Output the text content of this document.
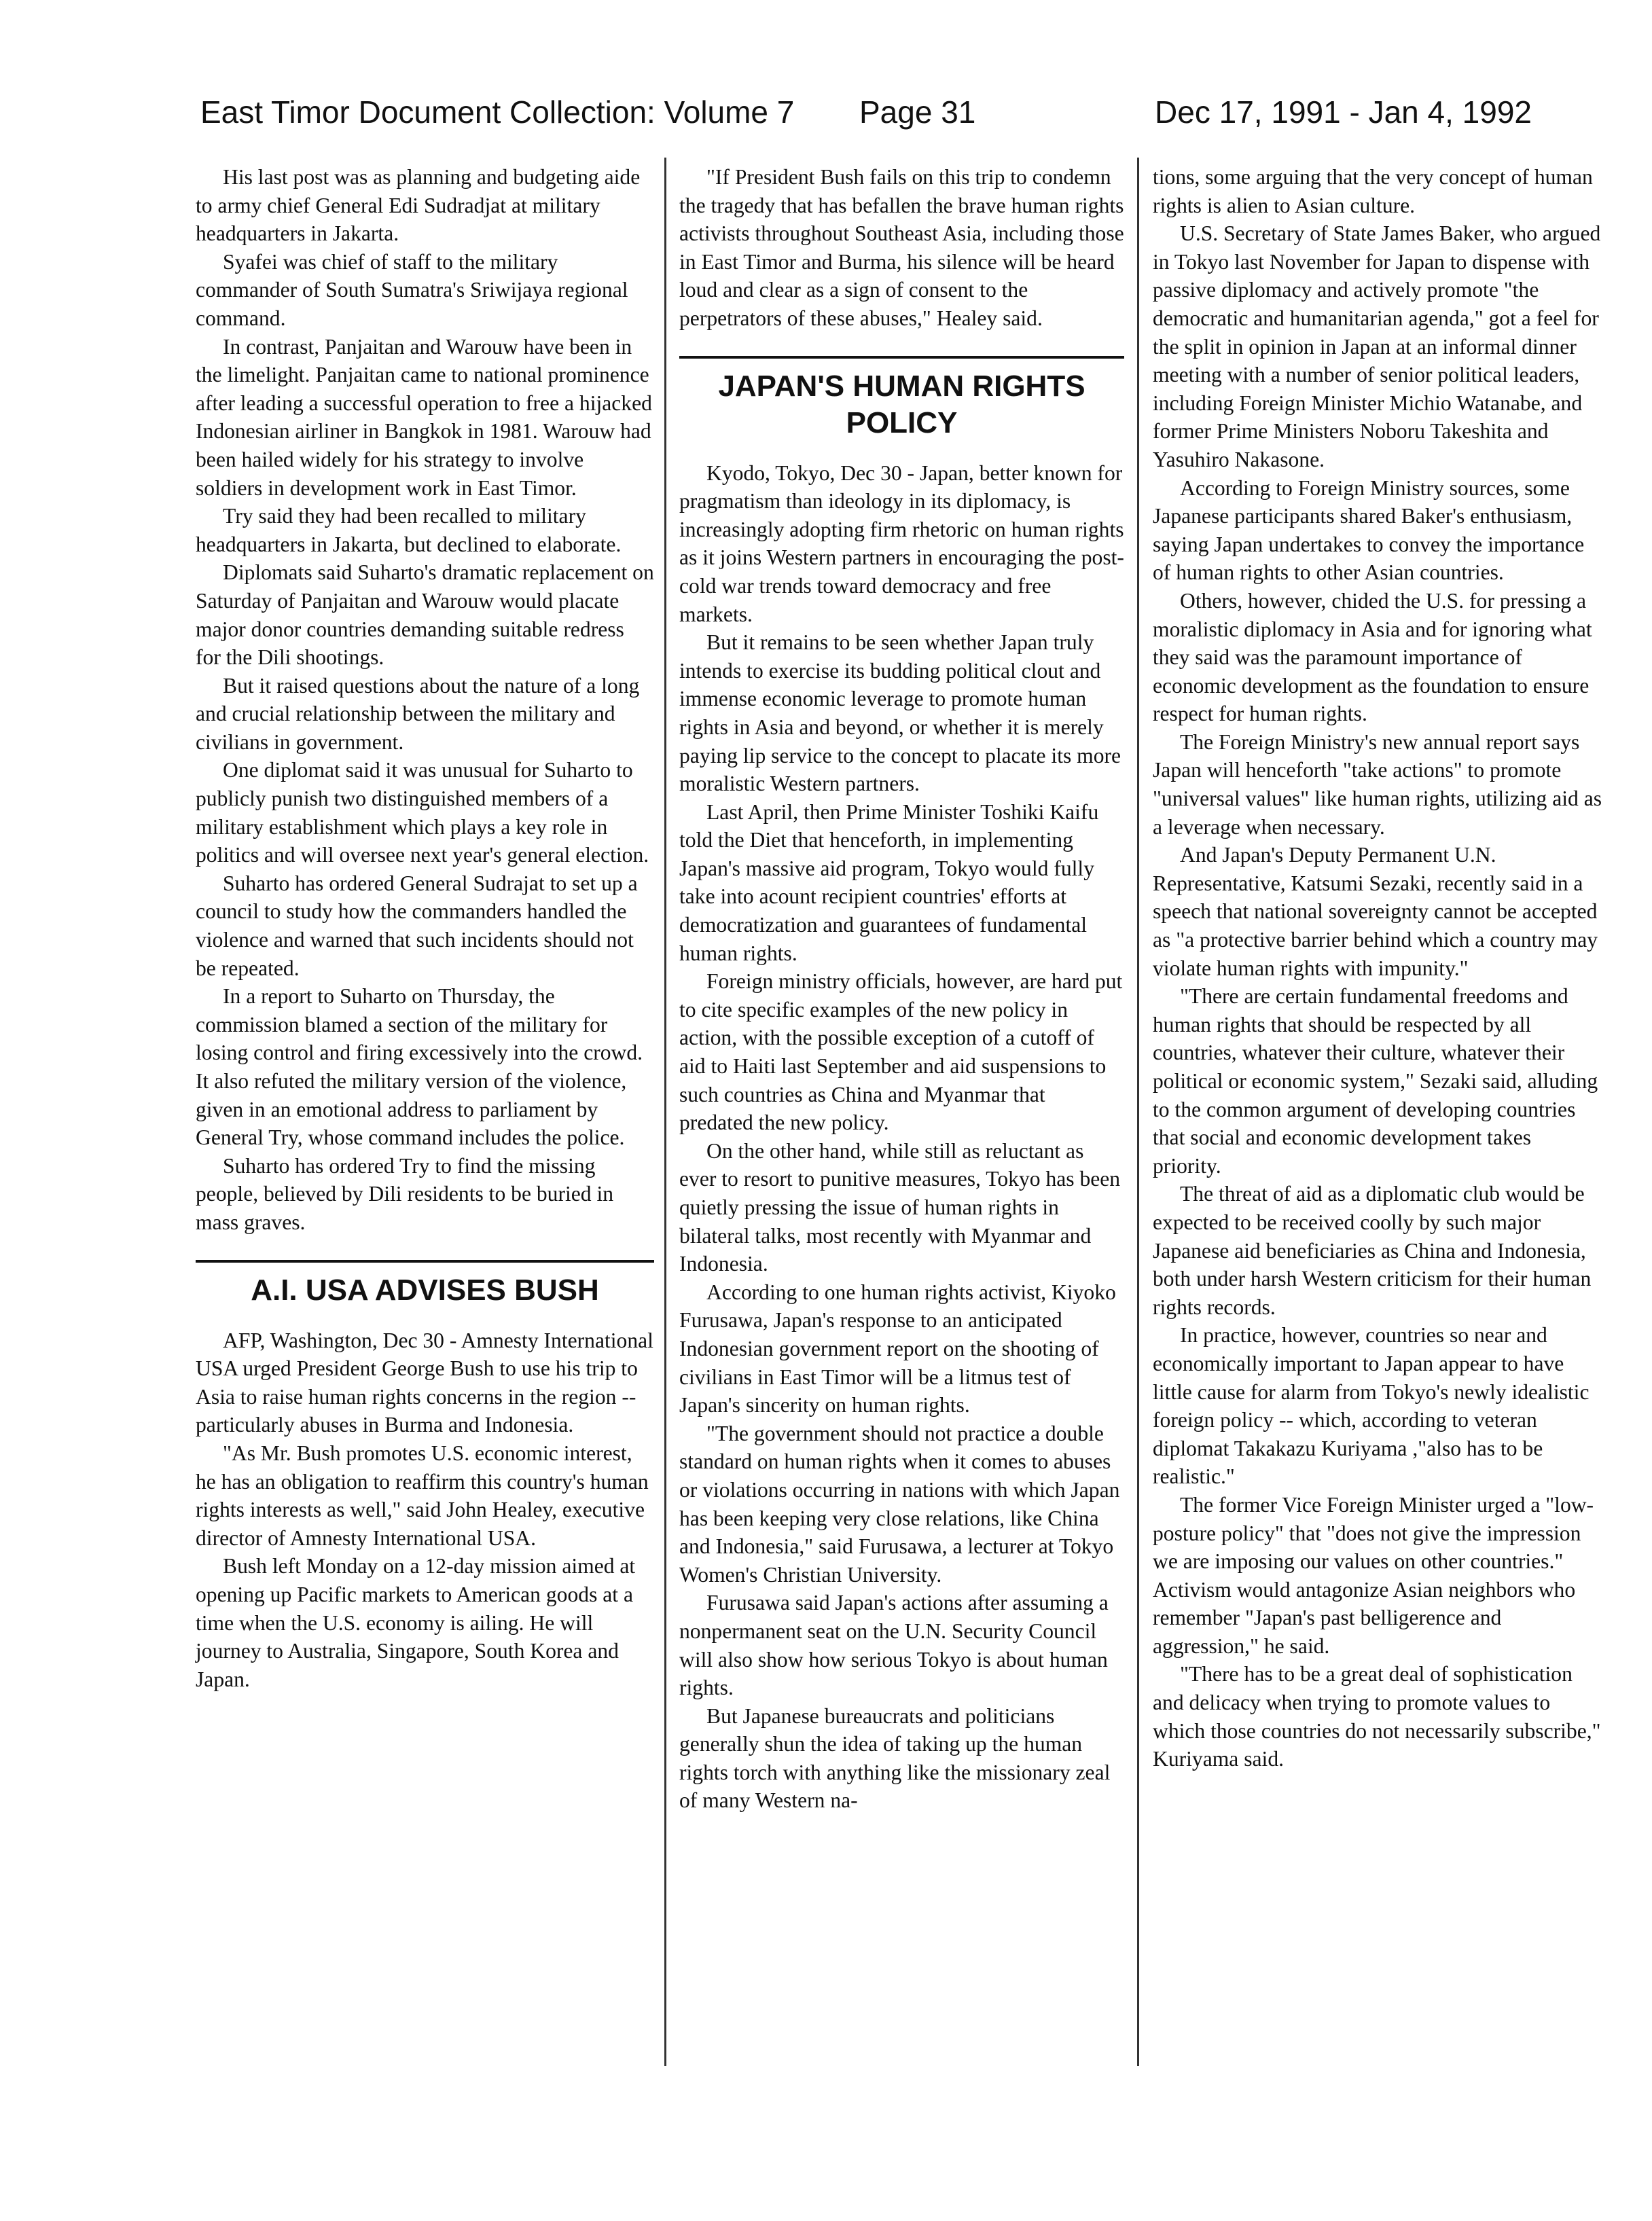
East Timor Document Collection: Volume 7 Page 31	Dec 17, 1991 - Jan 4, 1992

His last post was as planning and budgeting aide to army chief General Edi Sudradjat at military headquarters in Jakarta.

Syafei was chief of staff to the military commander of South Sumatra's Sriwijaya regional command.

In contrast, Panjaitan and Warouw have been in the limelight. Panjaitan came to national prominence after leading a successful operation to free a hijacked Indonesian airliner in Bangkok in 1981. Warouw had been hailed widely for his strategy to involve soldiers in development work in East Timor.

Try said they had been recalled to military headquarters in Jakarta, but declined to elaborate.

Diplomats said Suharto's dramatic replacement on Saturday of Panjaitan and Warouw would placate major donor countries demanding suitable redress for the Dili shootings.

But it raised questions about the nature of a long and crucial relationship between the military and civilians in government.

One diplomat said it was unusual for Suharto to publicly punish two distinguished members of a military establishment which plays a key role in politics and will oversee next year's general election.

Suharto has ordered General Sudrajat to set up a council to study how the commanders handled the violence and warned that such incidents should not be repeated.

In a report to Suharto on Thursday, the commission blamed a section of the military for losing control and firing excessively into the crowd. It also refuted the military version of the violence, given in an emotional address to parliament by General Try, whose command includes the police.

Suharto has ordered Try to find the missing people, believed by Dili residents to be buried in mass graves.

A.I. USA ADVISES BUSH

AFP, Washington, Dec 30 - Amnesty International USA urged President George Bush to use his trip to Asia to raise human rights concerns in the region -- particularly abuses in Burma and Indonesia.

"As Mr. Bush promotes U.S. economic interest, he has an obligation to reaffirm this country's human rights interests as well," said John Healey, executive director of Amnesty International USA.

Bush left Monday on a 12-day mission aimed at opening up Pacific markets to American goods at a time when the U.S. economy is ailing. He will journey to Australia, Singapore, South Korea and Japan.

"If President Bush fails on this trip to condemn the tragedy that has befallen the brave human rights activists throughout Southeast Asia, including those in East Timor and Burma, his silence will be heard loud and clear as a sign of consent to the perpetrators of these abuses," Healey said.

JAPAN'S HUMAN RIGHTS POLICY

Kyodo, Tokyo, Dec 30 - Japan, better known for pragmatism than ideology in its diplomacy, is increasingly adopting firm rhetoric on human rights as it joins Western partners in encouraging the post-cold war trends toward democracy and free markets.

But it remains to be seen whether Japan truly intends to exercise its budding political clout and immense economic leverage to promote human rights in Asia and beyond, or whether it is merely paying lip service to the concept to placate its more moralistic Western partners.

Last April, then Prime Minister Toshiki Kaifu told the Diet that henceforth, in implementing Japan's massive aid program, Tokyo would fully take into acount recipient countries' efforts at democratization and guarantees of fundamental human rights.

Foreign ministry officials, however, are hard put to cite specific examples of the new policy in action, with the possible exception of a cutoff of aid to Haiti last September and aid suspensions to such countries as China and Myanmar that predated the new policy.

On the other hand, while still as reluctant as ever to resort to punitive measures, Tokyo has been quietly pressing the issue of human rights in bilateral talks, most recently with Myanmar and Indonesia.

According to one human rights activist, Kiyoko Furusawa, Japan's response to an anticipated Indonesian government report on the shooting of civilians in East Timor will be a litmus test of Japan's sincerity on human rights.

"The government should not practice a double standard on human rights when it comes to abuses or violations occurring in nations with which Japan has been keeping very close relations, like China and Indonesia," said Furusawa, a lecturer at Tokyo Women's Christian University.

Furusawa said Japan's actions after assuming a nonpermanent seat on the U.N. Security Council will also show how serious Tokyo is about human rights.

But Japanese bureaucrats and politicians generally shun the idea of taking up the human rights torch with anything like the missionary zeal of many Western na-

tions, some arguing that the very concept of human rights is alien to Asian culture.

U.S. Secretary of State James Baker, who argued in Tokyo last November for Japan to dispense with passive diplomacy and actively promote "the democratic and humanitarian agenda," got a feel for the split in opinion in Japan at an informal dinner meeting with a number of senior political leaders, including Foreign Minister Michio Watanabe, and former Prime Ministers Noboru Takeshita and Yasuhiro Nakasone.

According to Foreign Ministry sources, some Japanese participants shared Baker's enthusiasm, saying Japan undertakes to convey the importance of human rights to other Asian countries.

Others, however, chided the U.S. for pressing a moralistic diplomacy in Asia and for ignoring what they said was the paramount importance of economic development as the foundation to ensure respect for human rights.

The Foreign Ministry's new annual report says Japan will henceforth "take actions" to promote "universal values" like human rights, utilizing aid as a leverage when necessary.

And Japan's Deputy Permanent U.N. Representative, Katsumi Sezaki, recently said in a speech that national sovereignty cannot be accepted as "a protective barrier behind which a country may violate human rights with impunity."

"There are certain fundamental freedoms and human rights that should be respected by all countries, whatever their culture, whatever their political or economic system," Sezaki said, alluding to the common argument of developing countries that social and economic development takes priority.

The threat of aid as a diplomatic club would be expected to be received coolly by such major Japanese aid beneficiaries as China and Indonesia, both under harsh Western criticism for their human rights records.

In practice, however, countries so near and economically important to Japan appear to have little cause for alarm from Tokyo's newly idealistic foreign policy -- which, according to veteran diplomat Takakazu Kuriyama ,"also has to be realistic."

The former Vice Foreign Minister urged a "low-posture policy" that "does not give the impression we are imposing our values on other countries." Activism would antagonize Asian neighbors who remember "Japan's past belligerence and aggression," he said.

"There has to be a great deal of sophistication and delicacy when trying to promote values to which those countries do not necessarily subscribe," Kuriyama said.
